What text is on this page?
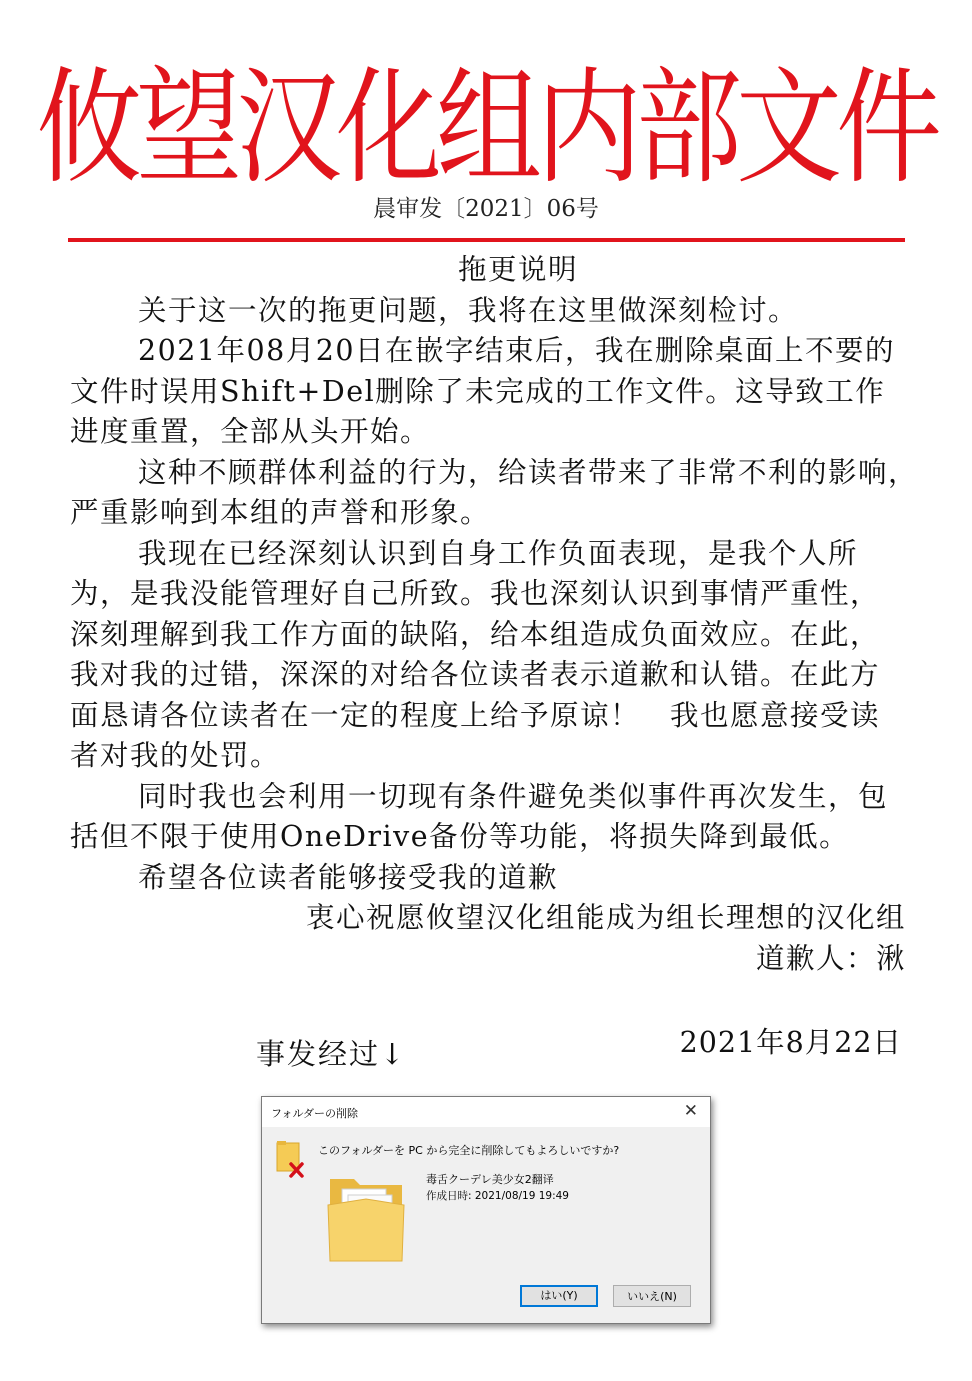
攸望汉化组内部文件
晨审发〔2021〕06号

拖更说明

关于这一次的拖更问题，我将在这里做深刻检讨。

2021年08月20日在嵌字结束后，我在删除桌面上不要的文件时误用Shift+Del删除了未完成的工作文件。这导致工作进度重置，全部从头开始。

这种不顾群体利益的行为，给读者带来了非常不利的影响，　严重影响到本组的声誉和形象。

我现在已经深刻认识到自身工作负面表现，是我个人所为，是我没能管理好自己所致。我也深刻认识到事情严重性，深刻理解到我工作方面的缺陷，给本组造成负面效应。在此，我对我的过错，深深的对给各位读者表示道歉和认错。在此方面恳请各位读者在一定的程度上给予原谅！　我也愿意接受读者对我的处罚。

同时我也会利用一切现有条件避免类似事件再次发生，包括但不限于使用OneDrive备份等功能，将损失降到最低。

希望各位读者能够接受我的道歉

衷心祝愿攸望汉化组能成为组长理想的汉化组

道歉人：湫

事发经过↓	2021年8月22日
フォルダーの削除	✕
このフォルダーを PC から完全に削除してもよろしいですか?
毒舌クーデレ美少女2翻译
作成日時: 2021/08/19 19:49
はい(Y)	いいえ(N)
